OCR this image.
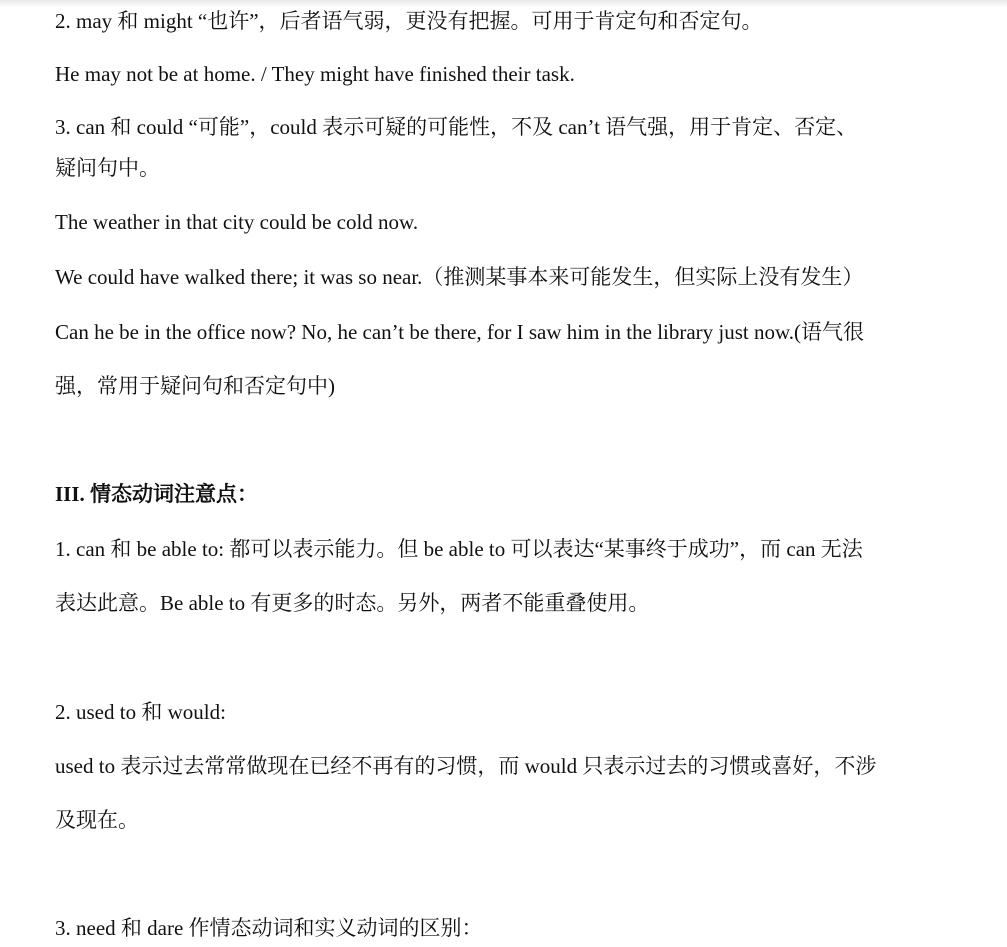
2. may 和 might “也许”，后者语气弱，更没有把握。可用于肯定句和否定句。
He may not be at home. / They might have finished their task.
3. can 和 could “可能”，could 表示可疑的可能性，不及 can’t 语气强，用于肯定、否定、
疑问句中。
The weather in that city could be cold now.
We could have walked there; it was so near.（推测某事本来可能发生，但实际上没有发生）
Can he be in the office now? No, he can’t be there, for I saw him in the library just now.(语气很
强，常用于疑问句和否定句中)
III. 情态动词注意点：
1. can 和 be able to: 都可以表示能力。但 be able to 可以表达“某事终于成功”，而 can 无法
表达此意。Be able to 有更多的时态。另外，两者不能重叠使用。
2. used to 和 would:
used to 表示过去常常做现在已经不再有的习惯，而 would 只表示过去的习惯或喜好，不涉
及现在。
3. need 和 dare 作情态动词和实义动词的区别：
